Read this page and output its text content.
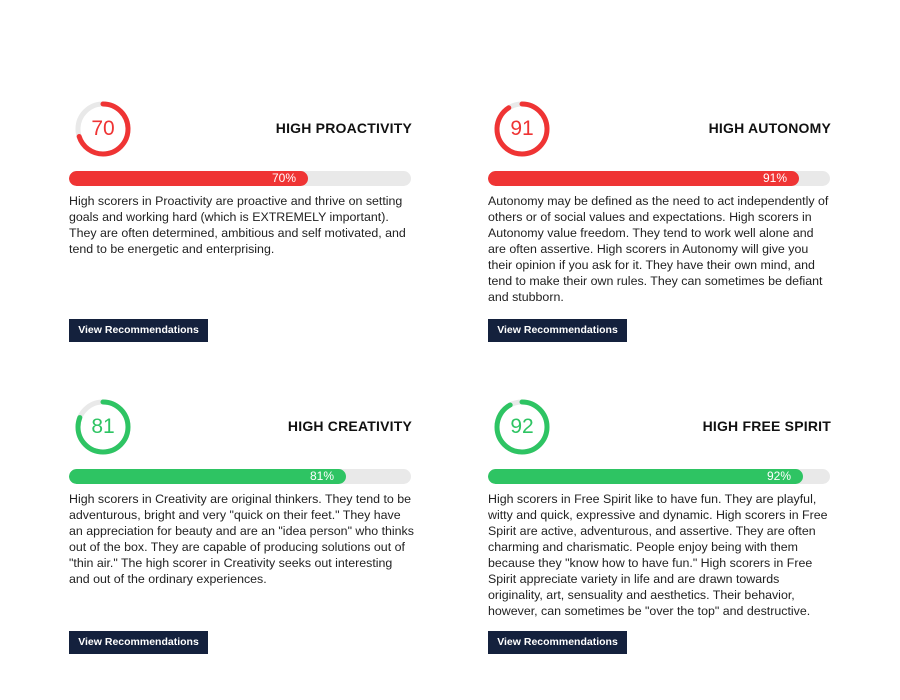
70	HIGH PROACTIVITY
70%

High scorers in Proactivity are proactive and thrive on setting goals and working hard (which is EXTREMELY important). They are often determined, ambitious and self motivated, and tend to be energetic and enterprising.

View Recommendations
91	HIGH AUTONOMY
91%

Autonomy may be defined as the need to act independently of others or of social values and expectations. High scorers in Autonomy value freedom. They tend to work well alone and are often assertive. High scorers in Autonomy will give you their opinion if you ask for it. They have their own mind, and tend to make their own rules. They can sometimes be defiant and stubborn.

View Recommendations
81	HIGH CREATIVITY
81%

High scorers in Creativity are original thinkers. They tend to be adventurous, bright and very "quick on their feet." They have an appreciation for beauty and are an "idea person" who thinks out of the box. They are capable of producing solutions out of "thin air." The high scorer in Creativity seeks out interesting and out of the ordinary experiences.

View Recommendations
92	HIGH FREE SPIRIT
92%

High scorers in Free Spirit like to have fun. They are playful, witty and quick, expressive and dynamic. High scorers in Free Spirit are active, adventurous, and assertive. They are often charming and charismatic. People enjoy being with them because they "know how to have fun." High scorers in Free Spirit appreciate variety in life and are drawn towards originality, art, sensuality and aesthetics. Their behavior, however, can sometimes be "over the top" and destructive.

View Recommendations
